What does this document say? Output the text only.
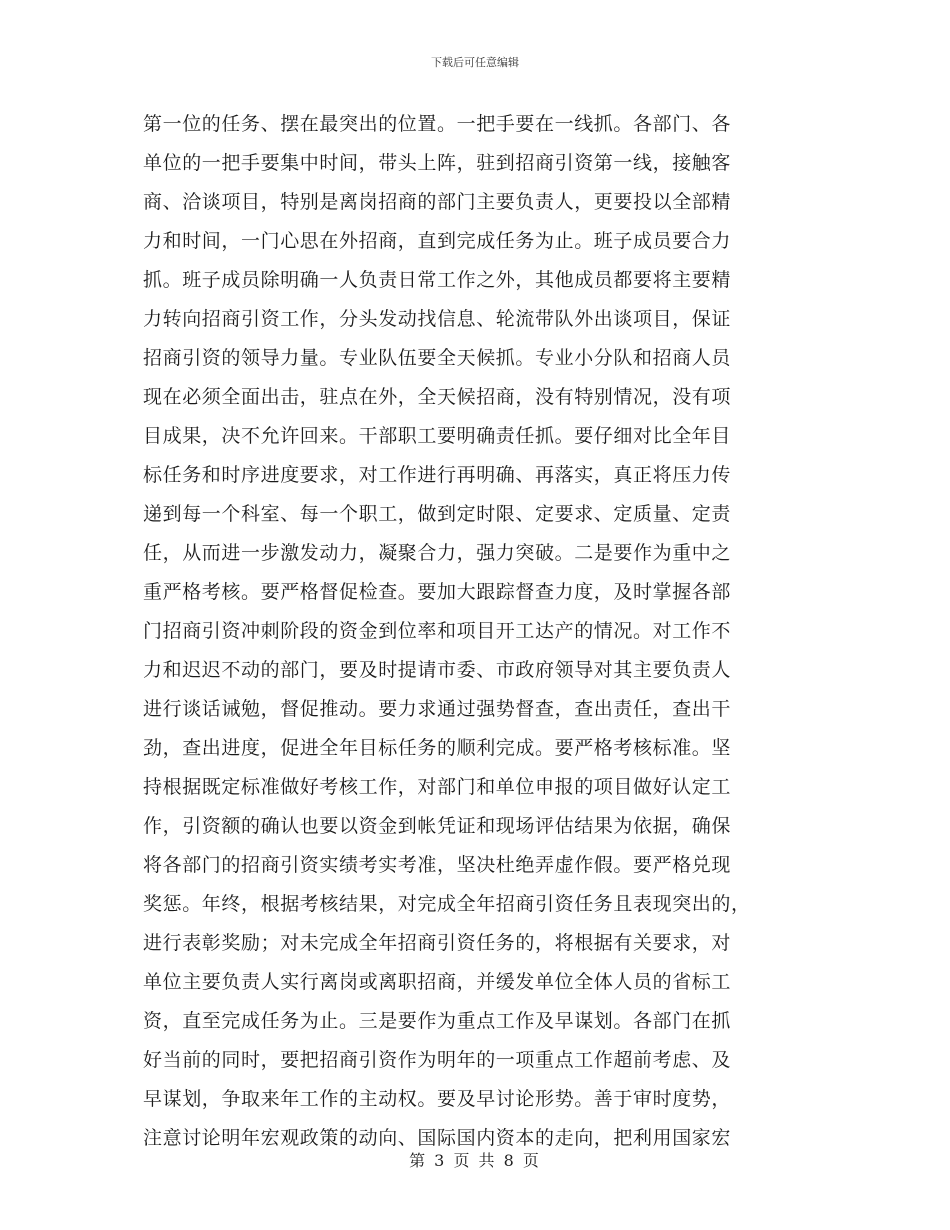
下载后可任意编辑
第一位的任务、摆在最突出的位置。一把手要在一线抓。各部门、各
单位的一把手要集中时间，带头上阵，驻到招商引资第一线，接触客
商、洽谈项目，特别是离岗招商的部门主要负责人，更要投以全部精
力和时间，一门心思在外招商，直到完成任务为止。班子成员要合力
抓。班子成员除明确一人负责日常工作之外，其他成员都要将主要精
力转向招商引资工作，分头发动找信息、轮流带队外出谈项目，保证
招商引资的领导力量。专业队伍要全天候抓。专业小分队和招商人员
现在必须全面出击，驻点在外，全天候招商，没有特别情况，没有项
目成果，决不允许回来。干部职工要明确责任抓。要仔细对比全年目
标任务和时序进度要求，对工作进行再明确、再落实，真正将压力传
递到每一个科室、每一个职工，做到定时限、定要求、定质量、定责
任，从而进一步激发动力，凝聚合力，强力突破。二是要作为重中之
重严格考核。要严格督促检查。要加大跟踪督查力度，及时掌握各部
门招商引资冲刺阶段的资金到位率和项目开工达产的情况。对工作不
力和迟迟不动的部门，要及时提请市委、市政府领导对其主要负责人
进行谈话诫勉，督促推动。要力求通过强势督查，查出责任，查出干
劲，查出进度，促进全年目标任务的顺利完成。要严格考核标准。坚
持根据既定标准做好考核工作，对部门和单位申报的项目做好认定工
作，引资额的确认也要以资金到帐凭证和现场评估结果为依据，确保
将各部门的招商引资实绩考实考准，坚决杜绝弄虚作假。要严格兑现
奖惩。年终，根据考核结果，对完成全年招商引资任务且表现突出的，
进行表彰奖励；对未完成全年招商引资任务的，将根据有关要求，对
单位主要负责人实行离岗或离职招商，并缓发单位全体人员的省标工
资，直至完成任务为止。三是要作为重点工作及早谋划。各部门在抓
好当前的同时，要把招商引资作为明年的一项重点工作超前考虑、及
早谋划，争取来年工作的主动权。要及早讨论形势。善于审时度势，
注意讨论明年宏观政策的动向、国际国内资本的走向，把利用国家宏
第 3 页 共 8 页
